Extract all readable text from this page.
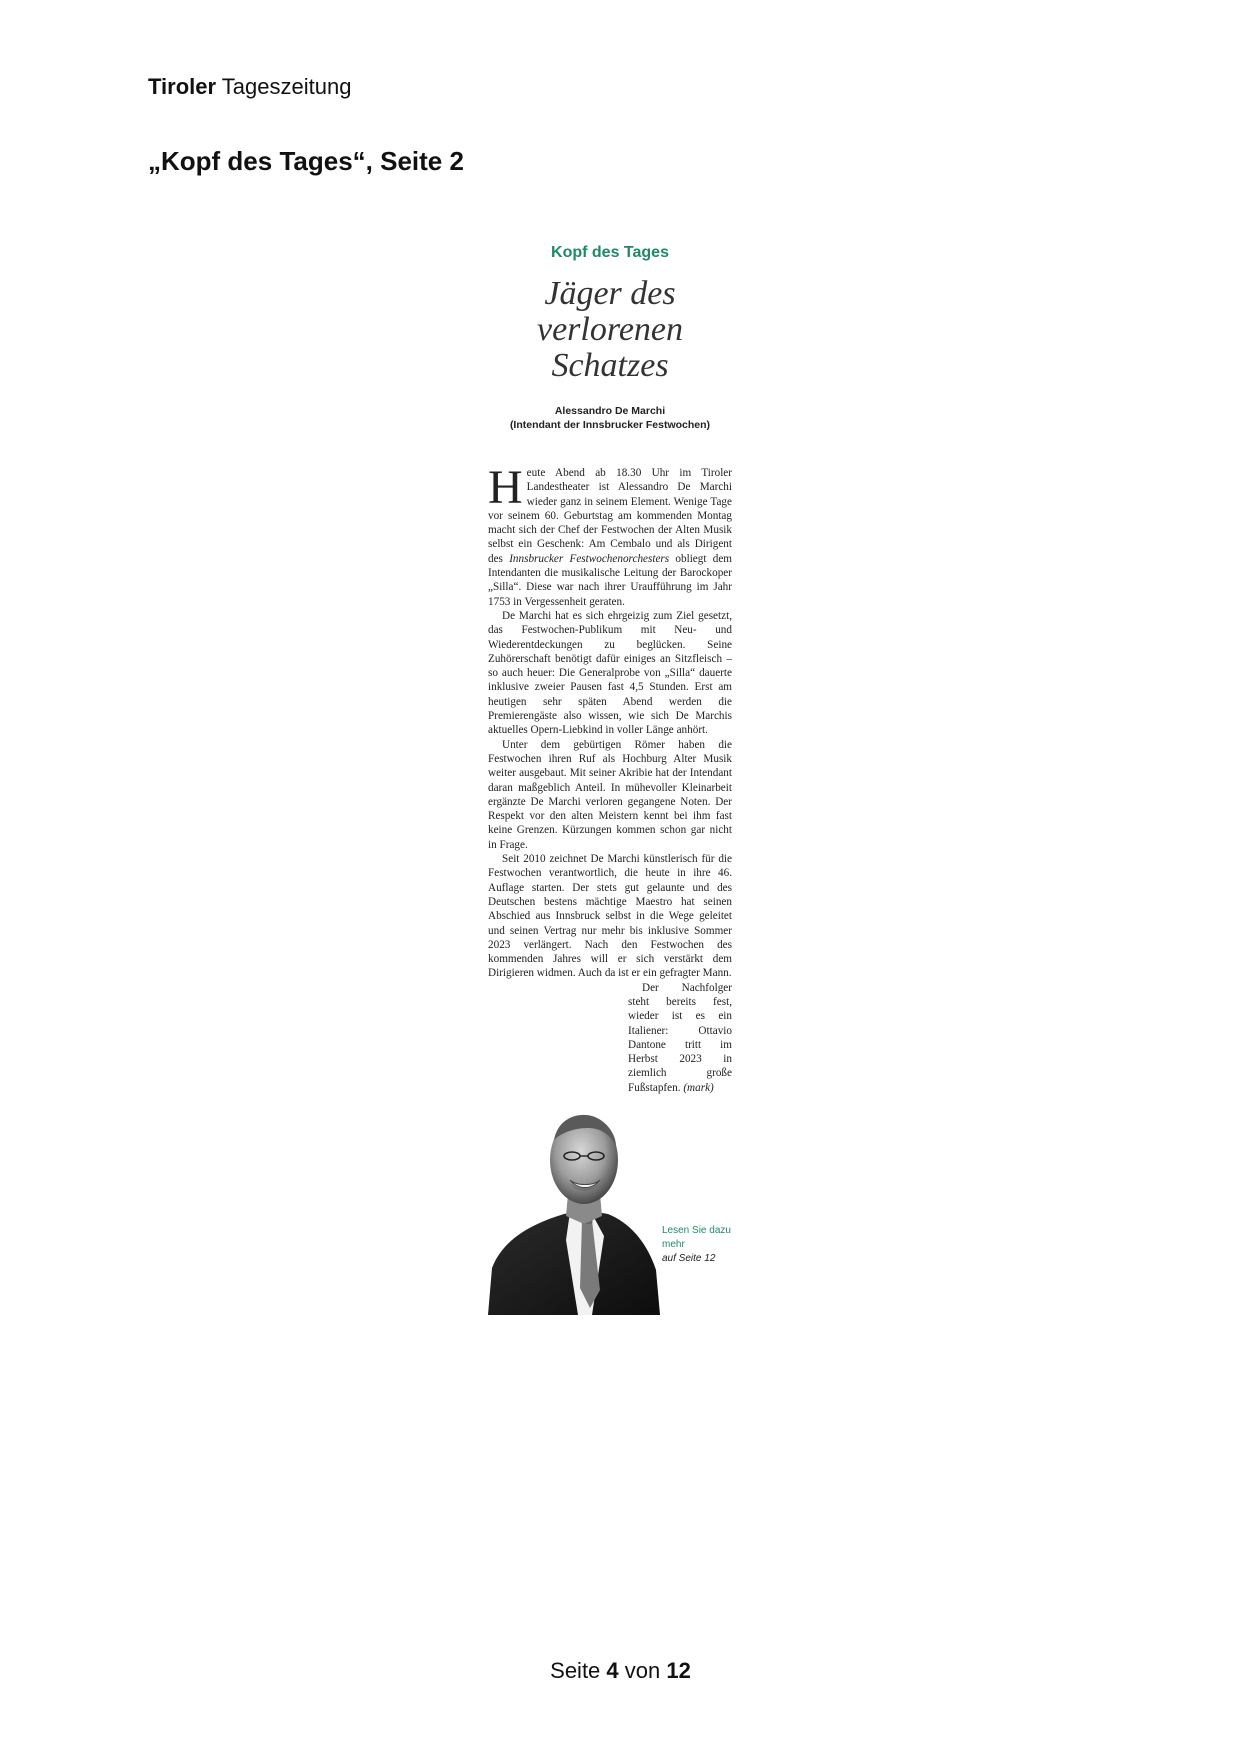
Tiroler Tageszeitung
„Kopf des Tages“, Seite 2
Kopf des Tages
Jäger des verlorenen Schatzes
Alessandro De Marchi
(Intendant der Innsbrucker Festwochen)

Heute Abend ab 18.30 Uhr im Tiroler Landestheater ist Alessandro De Marchi wieder ganz in seinem Element. Wenige Tage vor seinem 60. Geburtstag am kommenden Montag macht sich der Chef der Festwochen der Alten Musik selbst ein Geschenk: Am Cembalo und als Dirigent des Innsbrucker Festwochenorchesters obliegt dem Intendanten die musikalische Leitung der Barockoper „Silla“. Diese war nach ihrer Uraufführung im Jahr 1753 in Vergessenheit geraten.

De Marchi hat es sich ehrgeizig zum Ziel gesetzt, das Festwochen-Publikum mit Neu- und Wiederentdeckungen zu beglücken. Seine Zuhörerschaft benötigt dafür einiges an Sitzfleisch – so auch heuer: Die Generalprobe von „Silla“ dauerte inklusive zweier Pausen fast 4,5 Stunden. Erst am heutigen sehr späten Abend werden die Premierengäste also wissen, wie sich De Marchis aktuelles Opern-Liebkind in voller Länge anhört.

Unter dem gebürtigen Römer haben die Festwochen ihren Ruf als Hochburg Alter Musik weiter ausgebaut. Mit seiner Akribie hat der Intendant daran maßgeblich Anteil. In mühevoller Kleinarbeit ergänzte De Marchi verloren gegangene Noten. Der Respekt vor den alten Meistern kennt bei ihm fast keine Grenzen. Kürzungen kommen schon gar nicht in Frage.

Seit 2010 zeichnet De Marchi künstlerisch für die Festwochen verantwortlich, die heute in ihre 46. Auflage starten. Der stets gut gelaunte und des Deutschen bestens mächtige Maestro hat seinen Abschied aus Innsbruck selbst in die Wege geleitet und seinen Vertrag nur mehr bis inklusive Sommer 2023 verlängert. Nach den Festwochen des kommenden Jahres will er sich verstärkt dem Dirigieren widmen. Auch da ist er ein gefragter Mann.

Der Nachfolger steht bereits fest, wieder ist es ein Italiener: Ottavio Dantone tritt im Herbst 2023 in ziemlich große Fußstapfen. (mark)

Lesen Sie dazu mehr
auf Seite 12
Seite 4 von 12
